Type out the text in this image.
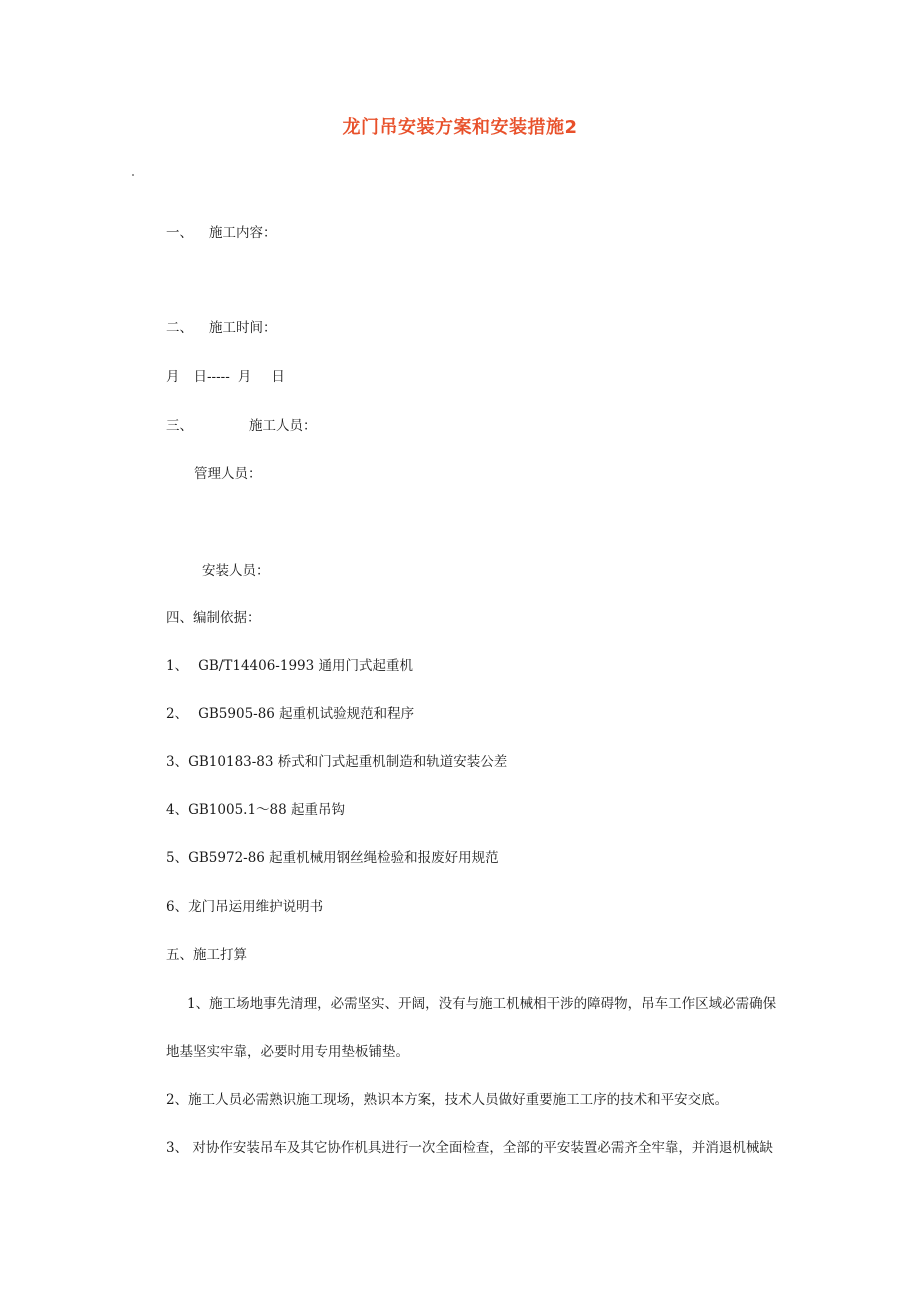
龙门吊安装方案和安装措施2
一、 施工内容：
二、 施工时间：
月 日----- 月 日
三、	施工人员：
管理人员：
安装人员：
四、编制依据：
1、 GB/T14406-1993 通用门式起重机
2、 GB5905-86 起重机试验规范和程序
3、GB10183-83 桥式和门式起重机制造和轨道安装公差
4、GB1005.1～88 起重吊钩
5、GB5972-86 起重机械用钢丝绳检验和报废好用规范
6、龙门吊运用维护说明书
五、施工打算
1、施工场地事先清理，必需坚实、开阔，没有与施工机械相干涉的障碍物，吊车工作区域必需确保
地基坚实牢靠，必要时用专用垫板铺垫。
2、施工人员必需熟识施工现场，熟识本方案，技术人员做好重要施工工序的技术和平安交底。
3、 对协作安装吊车及其它协作机具进行一次全面检查，全部的平安装置必需齐全牢靠，并消退机械缺
